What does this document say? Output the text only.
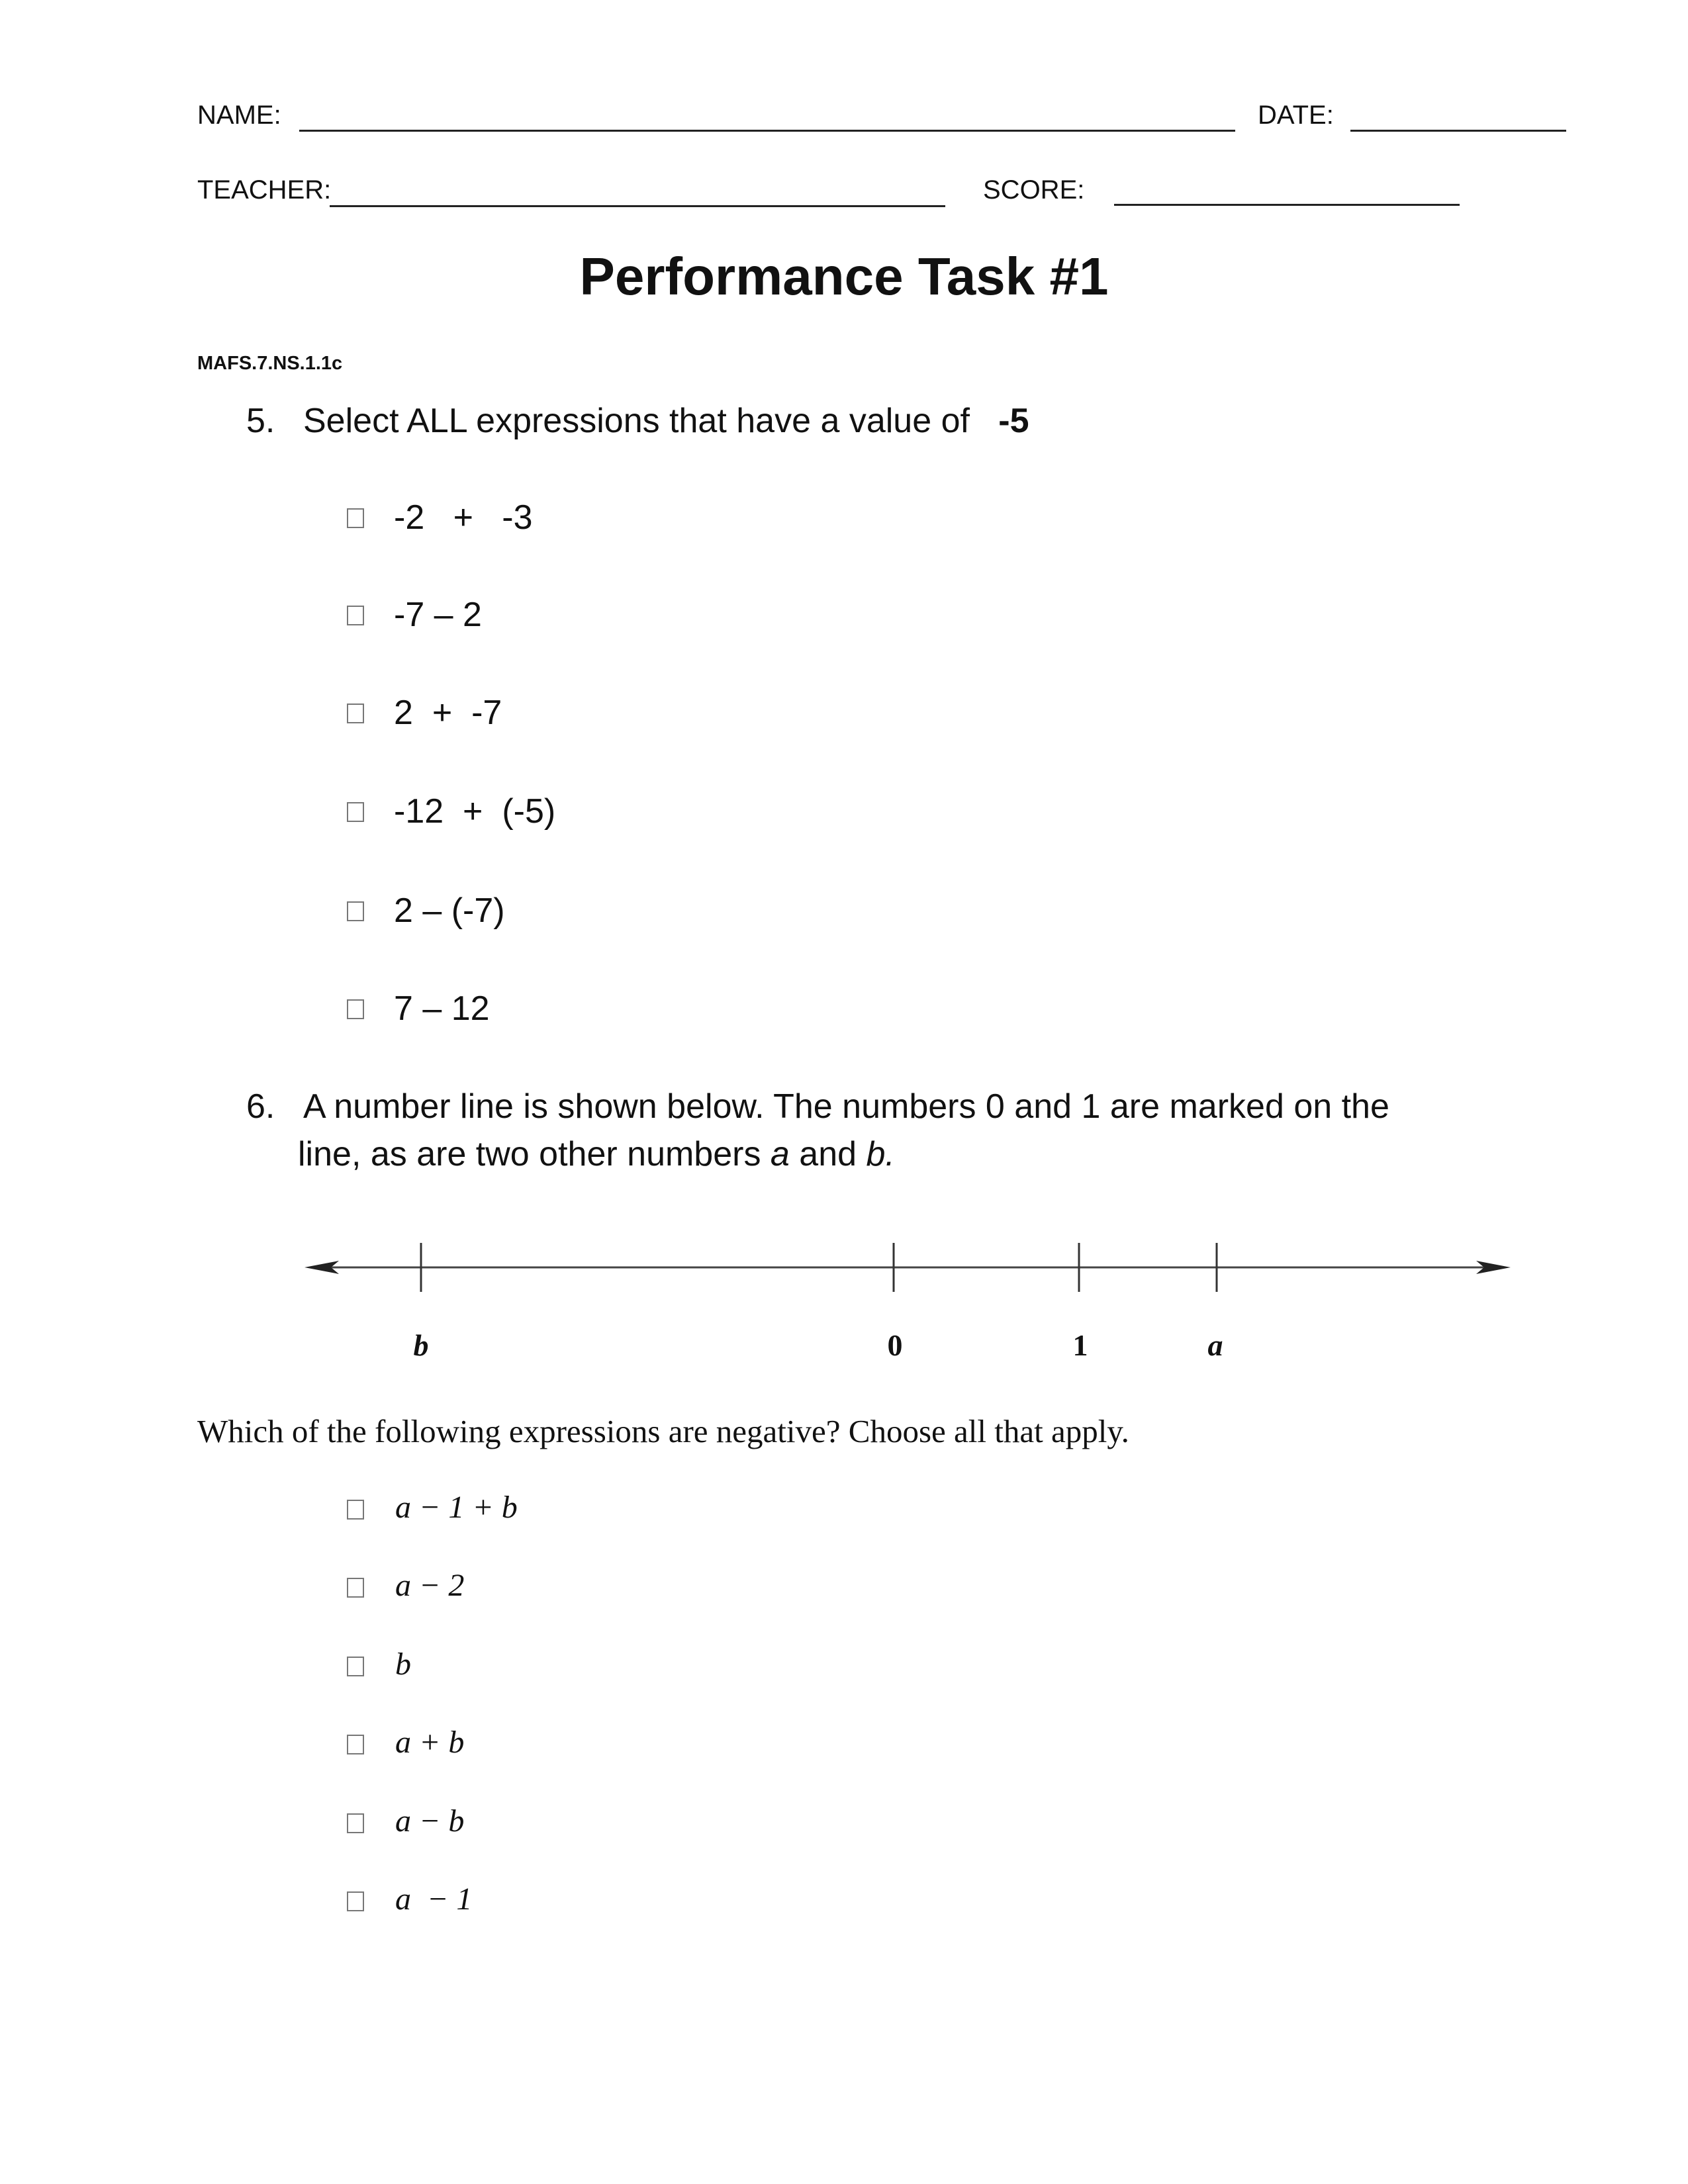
NAME:	DATE:
TEACHER:	SCORE:
Performance Task #1
MAFS.7.NS.1.1c
5. Select ALL expressions that have a value of -5
-2   +   -3
-7 – 2
2  +  -7
-12  +  (-5)
2 – (-7)
7 – 12
6. A number line is shown below. The numbers 0 and 1 are marked on the
line, as are two other numbers a and b.
b	0	1	a
Which of the following expressions are negative? Choose all that apply.
a − 1 + b
a − 2
b
a + b
a − b
a  − 1
